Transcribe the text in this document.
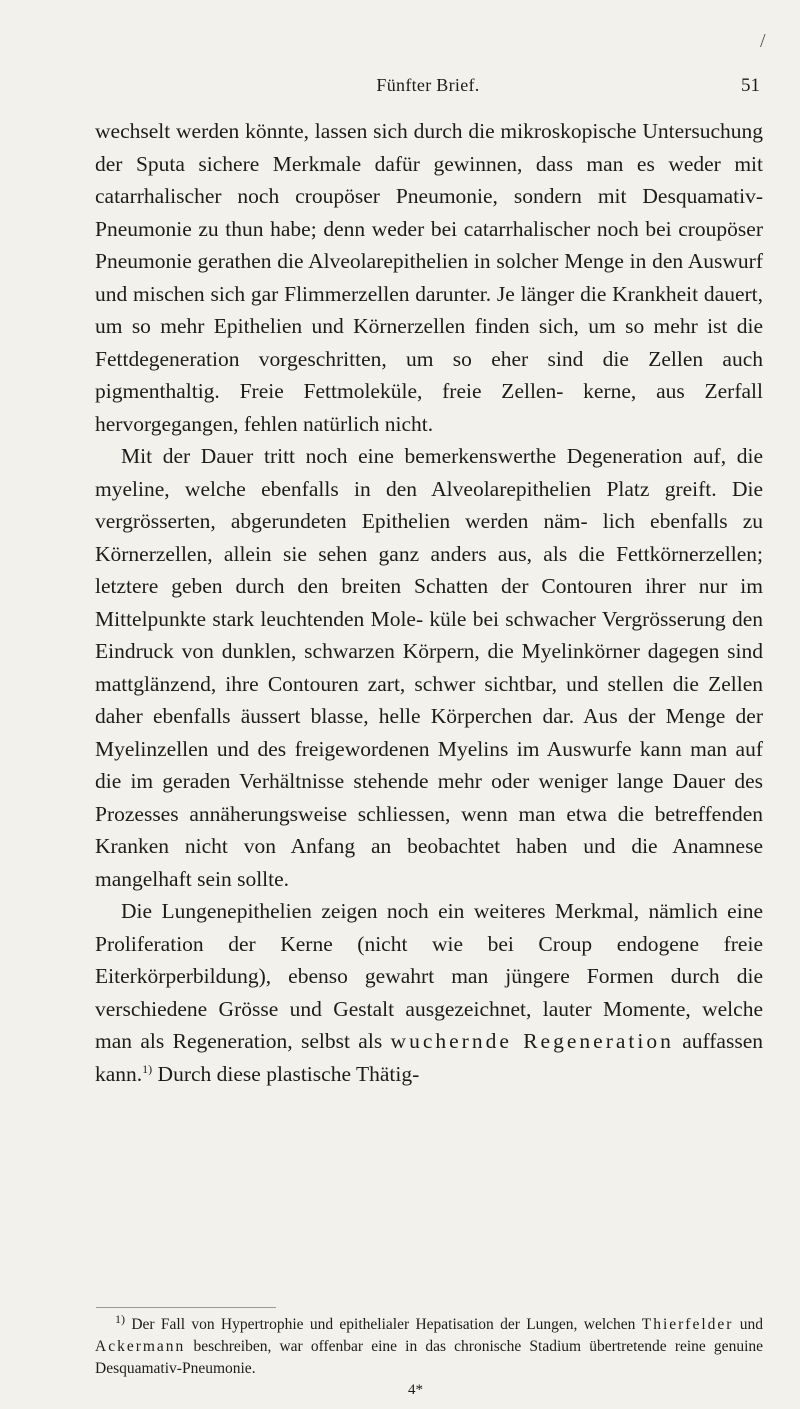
/
Fünfter Brief.	51

wechselt werden könnte, lassen sich durch die mikroskopische Untersuchung der Sputa sichere Merkmale dafür gewinnen, dass man es weder mit catarrhalischer noch croupöser Pneumonie, sondern mit Desquamativ-Pneumonie zu thun habe; denn weder bei catarrhalischer noch bei croupöser Pneumonie gerathen die Alveolarepithelien in solcher Menge in den Auswurf und mischen sich gar Flimmerzellen darunter. Je länger die Krankheit dauert, um so mehr Epithelien und Körnerzellen finden sich, um so mehr ist die Fettdegeneration vorgeschritten, um so eher sind die Zellen auch pigmenthaltig. Freie Fettmoleküle, freie Zellen- kerne, aus Zerfall hervorgegangen, fehlen natürlich nicht.

Mit der Dauer tritt noch eine bemerkenswerthe Degeneration auf, die myeline, welche ebenfalls in den Alveolarepithelien Platz greift. Die vergrösserten, abgerundeten Epithelien werden näm- lich ebenfalls zu Körnerzellen, allein sie sehen ganz anders aus, als die Fettkörnerzellen; letztere geben durch den breiten Schatten der Contouren ihrer nur im Mittelpunkte stark leuchtenden Mole- küle bei schwacher Vergrösserung den Eindruck von dunklen, schwarzen Körpern, die Myelinkörner dagegen sind mattglänzend, ihre Contouren zart, schwer sichtbar, und stellen die Zellen daher ebenfalls äussert blasse, helle Körperchen dar. Aus der Menge der Myelinzellen und des freigewordenen Myelins im Auswurfe kann man auf die im geraden Verhältnisse stehende mehr oder weniger lange Dauer des Prozesses annäherungsweise schliessen, wenn man etwa die betreffenden Kranken nicht von Anfang an beobachtet haben und die Anamnese mangelhaft sein sollte.

Die Lungenepithelien zeigen noch ein weiteres Merkmal, nämlich eine Proliferation der Kerne (nicht wie bei Croup endogene freie Eiterkörperbildung), ebenso gewahrt man jüngere Formen durch die verschiedene Grösse und Gestalt ausgezeichnet, lauter Momente, welche man als Regeneration, selbst als wuchernde Regeneration auffassen kann.$^{1)}$ Durch diese plastische Thätig-

$^{1)}$ Der Fall von Hypertrophie und epithelialer Hepatisation der Lungen, welchen Thierfelder und Ackermann beschreiben, war offenbar eine in das chronische Stadium übertretende reine genuine Desquamativ-Pneumonie.
4*
